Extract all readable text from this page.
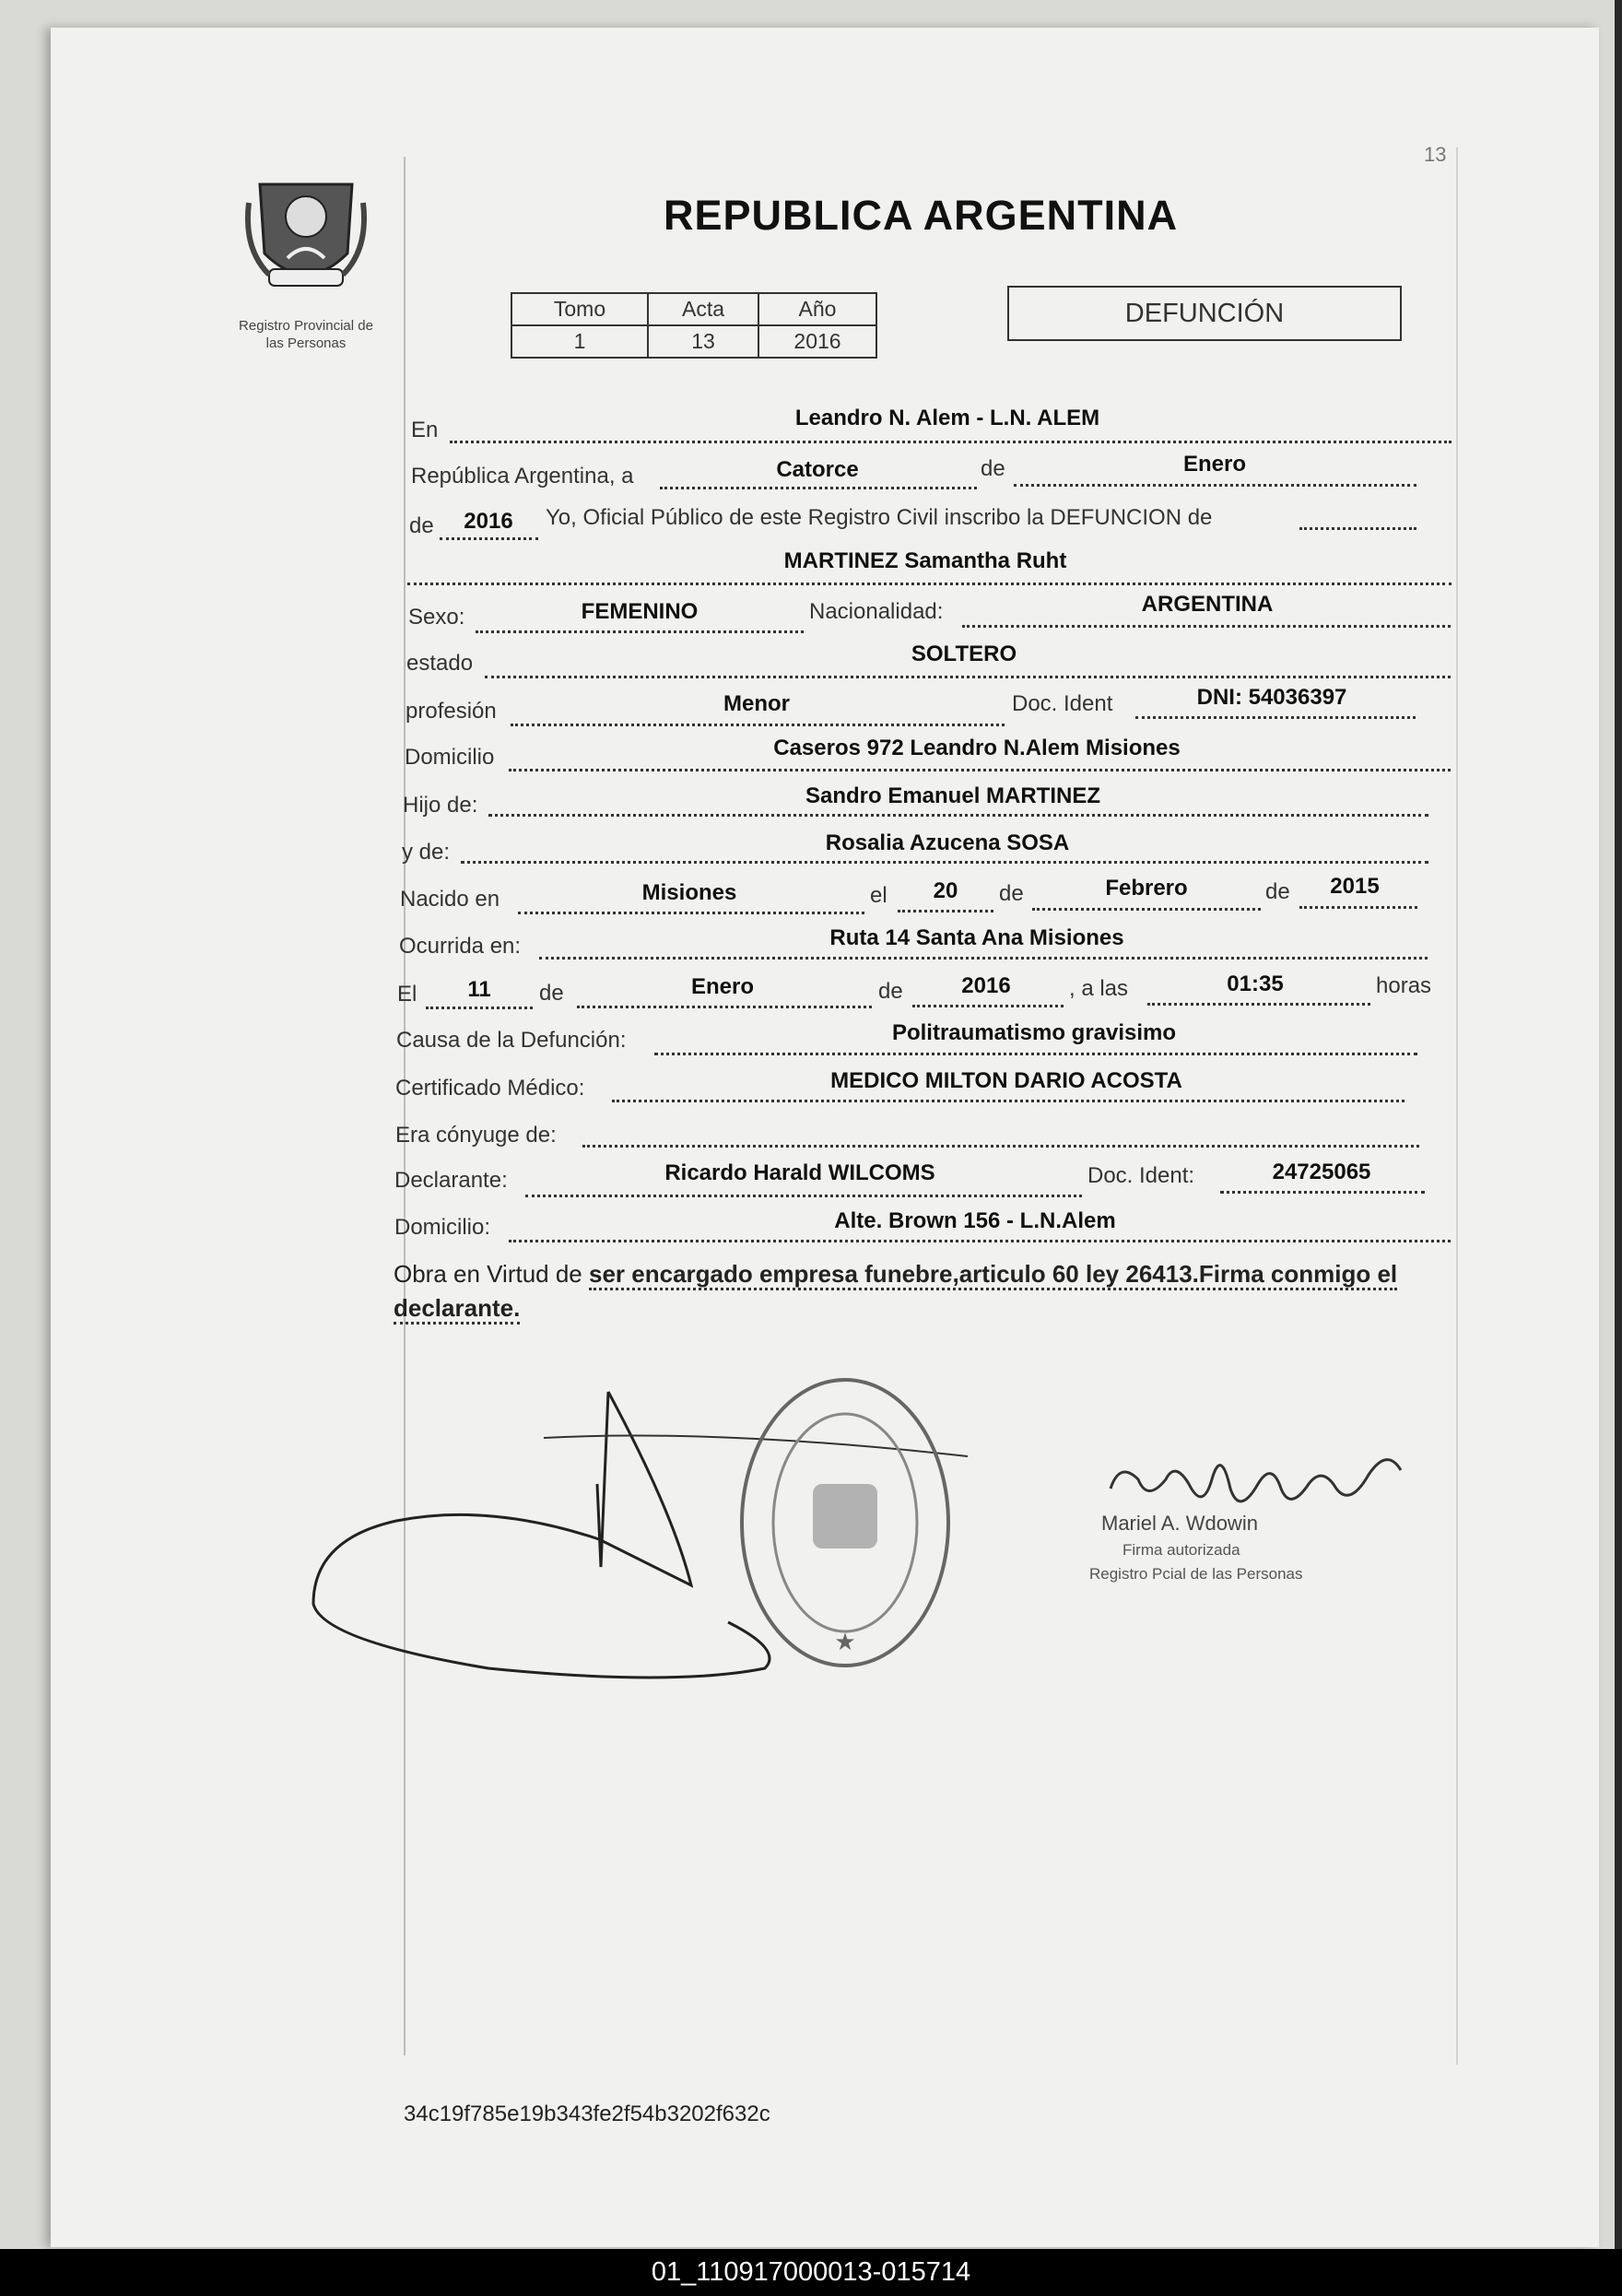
13
Registro Provincial de
las Personas
REPUBLICA ARGENTINA
Tomo	Acta	Año
1	13	2016
DEFUNCIÓN
En	Leandro N. Alem - L.N. ALEM
República Argentina, a	Catorce	de	Enero
de 2016 Yo, Oficial Público de este Registro Civil inscribo la DEFUNCION de
MARTINEZ Samantha Ruht
Sexo:	FEMENINO	Nacionalidad:	ARGENTINA
estado	SOLTERO
profesión	Menor	Doc. Ident	DNI: 54036397
Domicilio	Caseros 972 Leandro N.Alem Misiones
Hijo de:	Sandro Emanuel MARTINEZ
y de:	Rosalia Azucena SOSA
Nacido en	Misiones	el 20 de	Febrero	de 2015
Ocurrida en:	Ruta 14 Santa Ana Misiones
El 11 de	Enero	de	2016	, a las	01:35	horas
Causa de la Defunción:	Politraumatismo gravisimo
Certificado Médico:	MEDICO MILTON DARIO ACOSTA
Era cónyuge de:
Declarante:	Ricardo Harald WILCOMS	Doc. Ident:	24725065
Domicilio:	Alte. Brown 156 - L.N.Alem
Obra en Virtud de ser encargado empresa funebre,articulo 60 ley 26413.Firma conmigo el
declarante.
★
Mariel A. Wdowin
Firma autorizada
Registro Pcial de las Personas
34c19f785e19b343fe2f54b3202f632c
01_110917000013-015714
